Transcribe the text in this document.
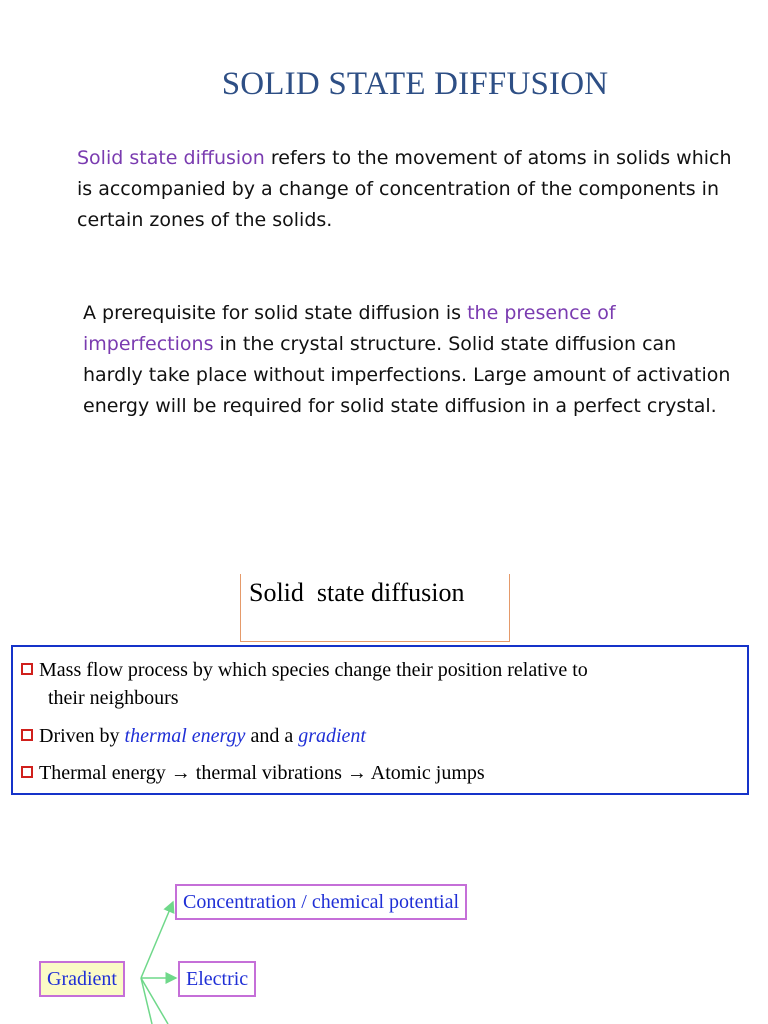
SOLID STATE DIFFUSION

Solid state diffusion refers to the movement of atoms in solids which is accompanied by a change of concentration of the components in certain zones of the solids.

A prerequisite for solid state diffusion is the presence of imperfections in the crystal structure. Solid state diffusion can hardly take place without imperfections. Large amount of activation energy will be required for solid state diffusion in a perfect crystal.

Solid  state diffusion
Mass flow process by which species change their position relative to
their neighbours
Driven by thermal energy and a gradient
Thermal energy → thermal vibrations → Atomic jumps
Gradient
Concentration / chemical potential
Electric
